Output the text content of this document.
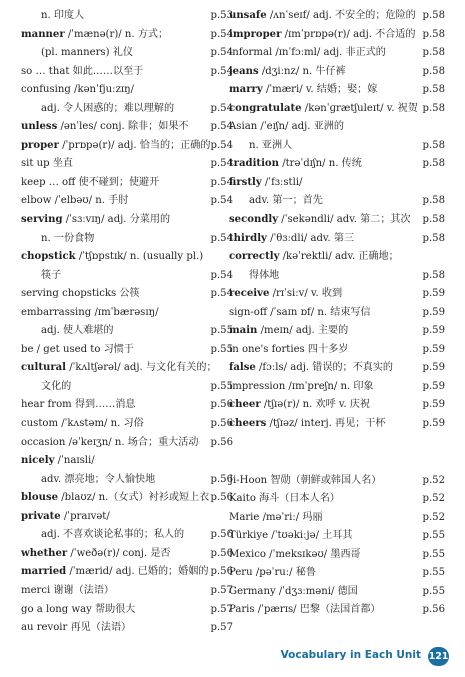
n. 印度人	p.53
manner /ˈmænə(r)/ n. 方式；	p.54
(pl. manners) 礼仪	p.54
so … that 如此……以至于	p.54
confusing /kənˈfjuːzɪŋ/
adj. 令人困惑的；难以理解的	p.54
unless /ənˈles/ conj. 除非；如果不 p.54
proper /ˈprɒpə(r)/ adj. 恰当的；正确的 p.54
sit up 坐直	p.54
keep … off 使不碰到；使避开	p.54
elbow /ˈelbəʊ/ n. 手肘	p.54
serving /ˈsɜːvɪŋ/ adj. 分菜用的
n. 一份食物	p.54
chopstick /ˈtʃɒpstɪk/ n. (usually pl.)
筷子	p.54
serving chopsticks 公筷	p.54
embarrassing /ɪmˈbærəsɪŋ/
adj. 使人难堪的	p.55
be / get used to 习惯于	p.55
cultural /ˈkʌltʃərəl/ adj. 与文化有关的；
文化的	p.55
hear from 得到……消息	p.56
custom /ˈkʌstəm/ n. 习俗	p.56
occasion /əˈkeɪʒn/ n. 场合；重大活动 p.56
nicely /ˈnaɪsli/
adv. 漂亮地；令人愉快地	p.56
blouse /blaʊz/ n.（女式）衬衫或短上衣 p.56
private /ˈpraɪvət/
adj. 不喜欢谈论私事的；私人的	p.56
whether /ˈweðə(r)/ conj. 是否	p.56
married /ˈmærid/ adj. 已婚的；婚姻的 p.56
merci 谢谢（法语）	p.57
go a long way 帮助很大	p.57
au revoir 再见（法语）	p.57
unsafe /ʌnˈseɪf/ adj. 不安全的；危险的 p.58
improper /ɪmˈprɒpə(r)/ adj. 不合适的 p.58
informal /ɪnˈfɔːml/ adj. 非正式的	p.58
jeans /dʒiːnz/ n. 牛仔裤	p.58
marry /ˈmæri/ v. 结婚；娶；嫁	p.58
congratulate /kənˈɡrætʃuleɪt/ v. 祝贺 p.58
Asian /ˈeɪʃn/ adj. 亚洲的
n. 亚洲人	p.58
tradition /trəˈdɪʃn/ n. 传统	p.58
firstly /ˈfɜːstli/
adv. 第一；首先	p.58
secondly /ˈsekəndli/ adv. 第二；其次 p.58
thirdly /ˈθɜːdli/ adv. 第三	p.58
correctly /kəˈrektli/ adv. 正确地；
得体地	p.58
receive /rɪˈsiːv/ v. 收到	p.59
sign-off /ˈsaɪn ɒf/ n. 结束写信	p.59
main /meɪn/ adj. 主要的	p.59
in one's forties 四十多岁	p.59
false /fɔːls/ adj. 错误的；不真实的	p.59
impression /ɪmˈpreʃn/ n. 印象	p.59
cheer /tʃɪə(r)/ n. 欢呼 v. 庆祝	p.59
cheers /tʃɪəz/ interj. 再见；干杯	p.59
Ji-Hoon 智勋（朝鲜或韩国人名）	p.52
Kaito 海斗（日本人名）	p.52
Marie /məˈriː/ 玛丽	p.52
Türkiye /ˈtʊəkiːjə/ 土耳其	p.55
Mexico /ˈmeksɪkəʊ/ 墨西哥	p.55
Peru /pəˈruː/ 秘鲁	p.55
Germany /ˈdʒɜːməni/ 德国	p.55
Paris /ˈpærɪs/ 巴黎（法国首都）	p.56
Vocabulary in Each Unit 121
